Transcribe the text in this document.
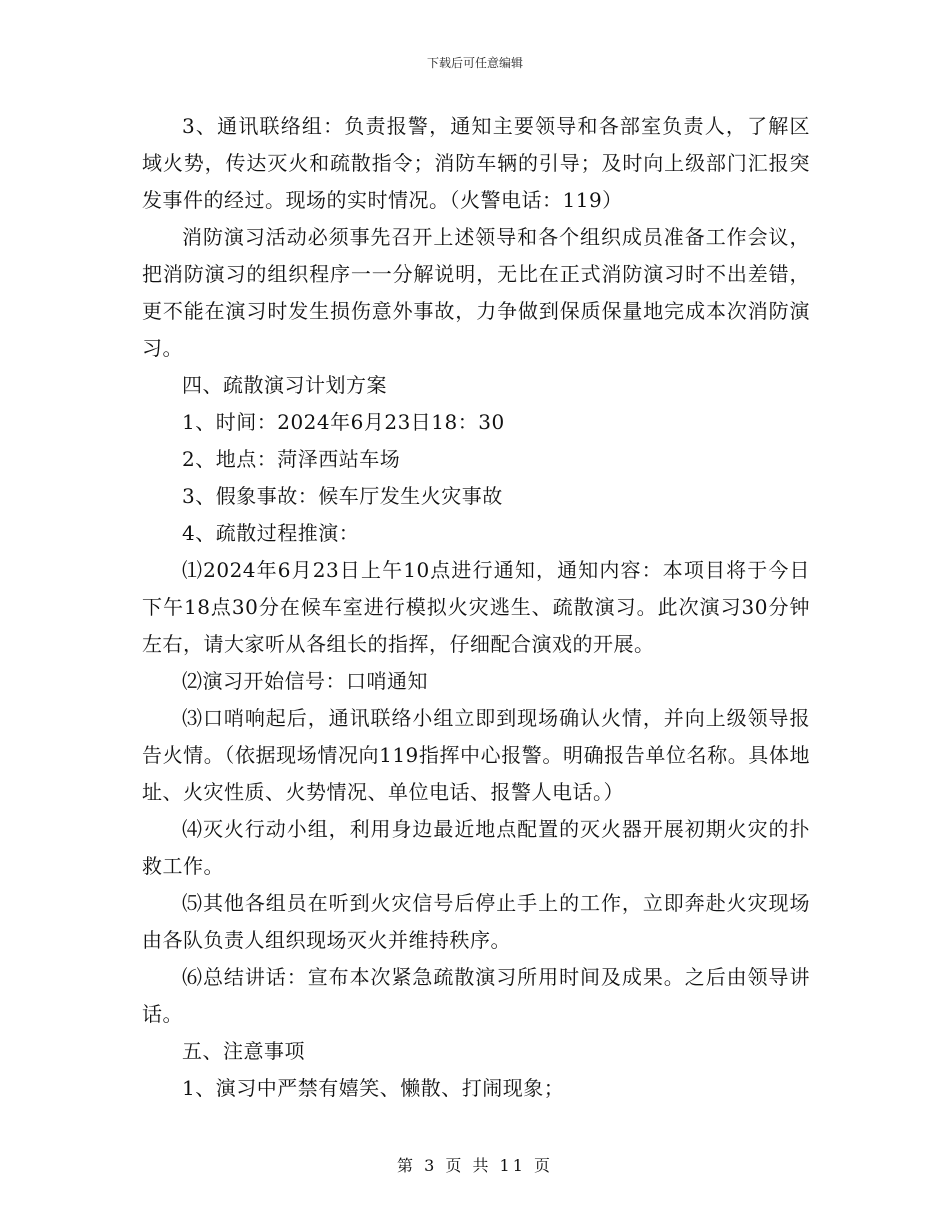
下载后可任意编辑

3、通讯联络组：负责报警，通知主要领导和各部室负责人，了解区域火势，传达灭火和疏散指令；消防车辆的引导；及时向上级部门汇报突发事件的经过。现场的实时情况。（火警电话：119）

消防演习活动必须事先召开上述领导和各个组织成员准备工作会议，把消防演习的组织程序一一分解说明，无比在正式消防演习时不出差错，更不能在演习时发生损伤意外事故，力争做到保质保量地完成本次消防演习。

四、疏散演习计划方案

1、时间：2024年6月23日18：30

2、地点：菏泽西站车场

3、假象事故：候车厅发生火灾事故

4、疏散过程推演：

⑴2024年6月23日上午10点进行通知，通知内容：本项目将于今日下午18点30分在候车室进行模拟火灾逃生、疏散演习。此次演习30分钟左右，请大家听从各组长的指挥，仔细配合演戏的开展。

⑵演习开始信号：口哨通知

⑶口哨响起后，通讯联络小组立即到现场确认火情，并向上级领导报告火情。（依据现场情况向119指挥中心报警。明确报告单位名称。具体地址、火灾性质、火势情况、单位电话、报警人电话。）

⑷灭火行动小组，利用身边最近地点配置的灭火器开展初期火灾的扑救工作。

⑸其他各组员在听到火灾信号后停止手上的工作，立即奔赴火灾现场由各队负责人组织现场灭火并维持秩序。

⑹总结讲话：宣布本次紧急疏散演习所用时间及成果。之后由领导讲话。

五、注意事项

1、演习中严禁有嬉笑、懒散、打闹现象；

第 3 页 共 11 页
